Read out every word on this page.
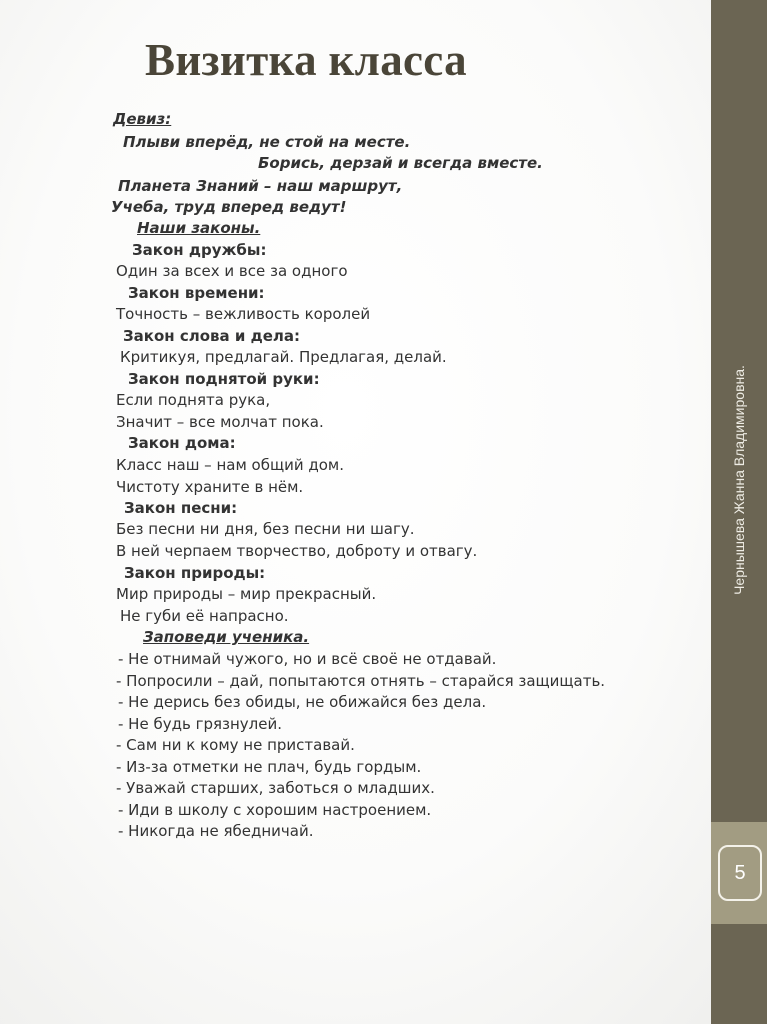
Чернышева Жанна Владимировна.
5
Визитка класса
Девиз:
Плыви вперёд, не стой на месте.
Борись, дерзай и всегда вместе.
Планета Знаний – наш маршрут,
Учеба, труд вперед ведут!
Наши законы.
Закон дружбы:
Один за всех и все за одного
Закон времени:
Точность – вежливость королей
Закон слова и дела:
Критикуя, предлагай. Предлагая, делай.
Закон поднятой руки:
Если поднята рука,
Значит – все молчат пока.
Закон дома:
Класс наш – нам общий дом.
Чистоту храните в нём.
Закон песни:
Без песни ни дня, без песни ни шагу.
В ней черпаем творчество, доброту и отвагу.
Закон природы:
Мир природы – мир прекрасный.
Не губи её напрасно.
Заповеди ученика.
- Не отнимай чужого, но и всё своё не отдавай.
- Попросили – дай, попытаются отнять – старайся защищать.
- Не дерись без обиды, не обижайся без дела.
- Не будь грязнулей.
- Сам ни к кому не приставай.
- Из-за отметки не плач, будь гордым.
- Уважай старших, заботься о младших.
- Иди в школу с хорошим настроением.
- Никогда не ябедничай.
